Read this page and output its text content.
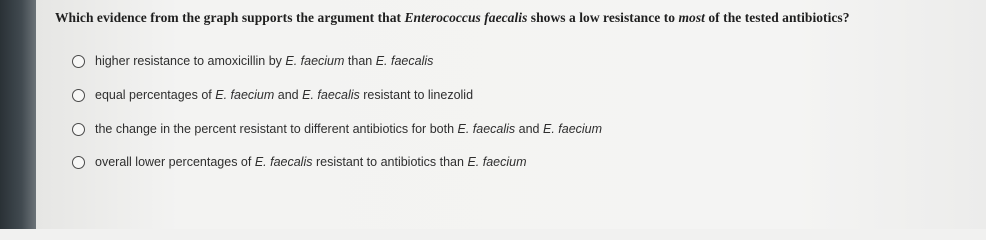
Which evidence from the graph supports the argument that Enterococcus faecalis shows a low resistance to most of the tested antibiotics?
higher resistance to amoxicillin by E. faecium than E. faecalis
equal percentages of E. faecium and E. faecalis resistant to linezolid
the change in the percent resistant to different antibiotics for both E. faecalis and E. faecium
overall lower percentages of E. faecalis resistant to antibiotics than E. faecium
